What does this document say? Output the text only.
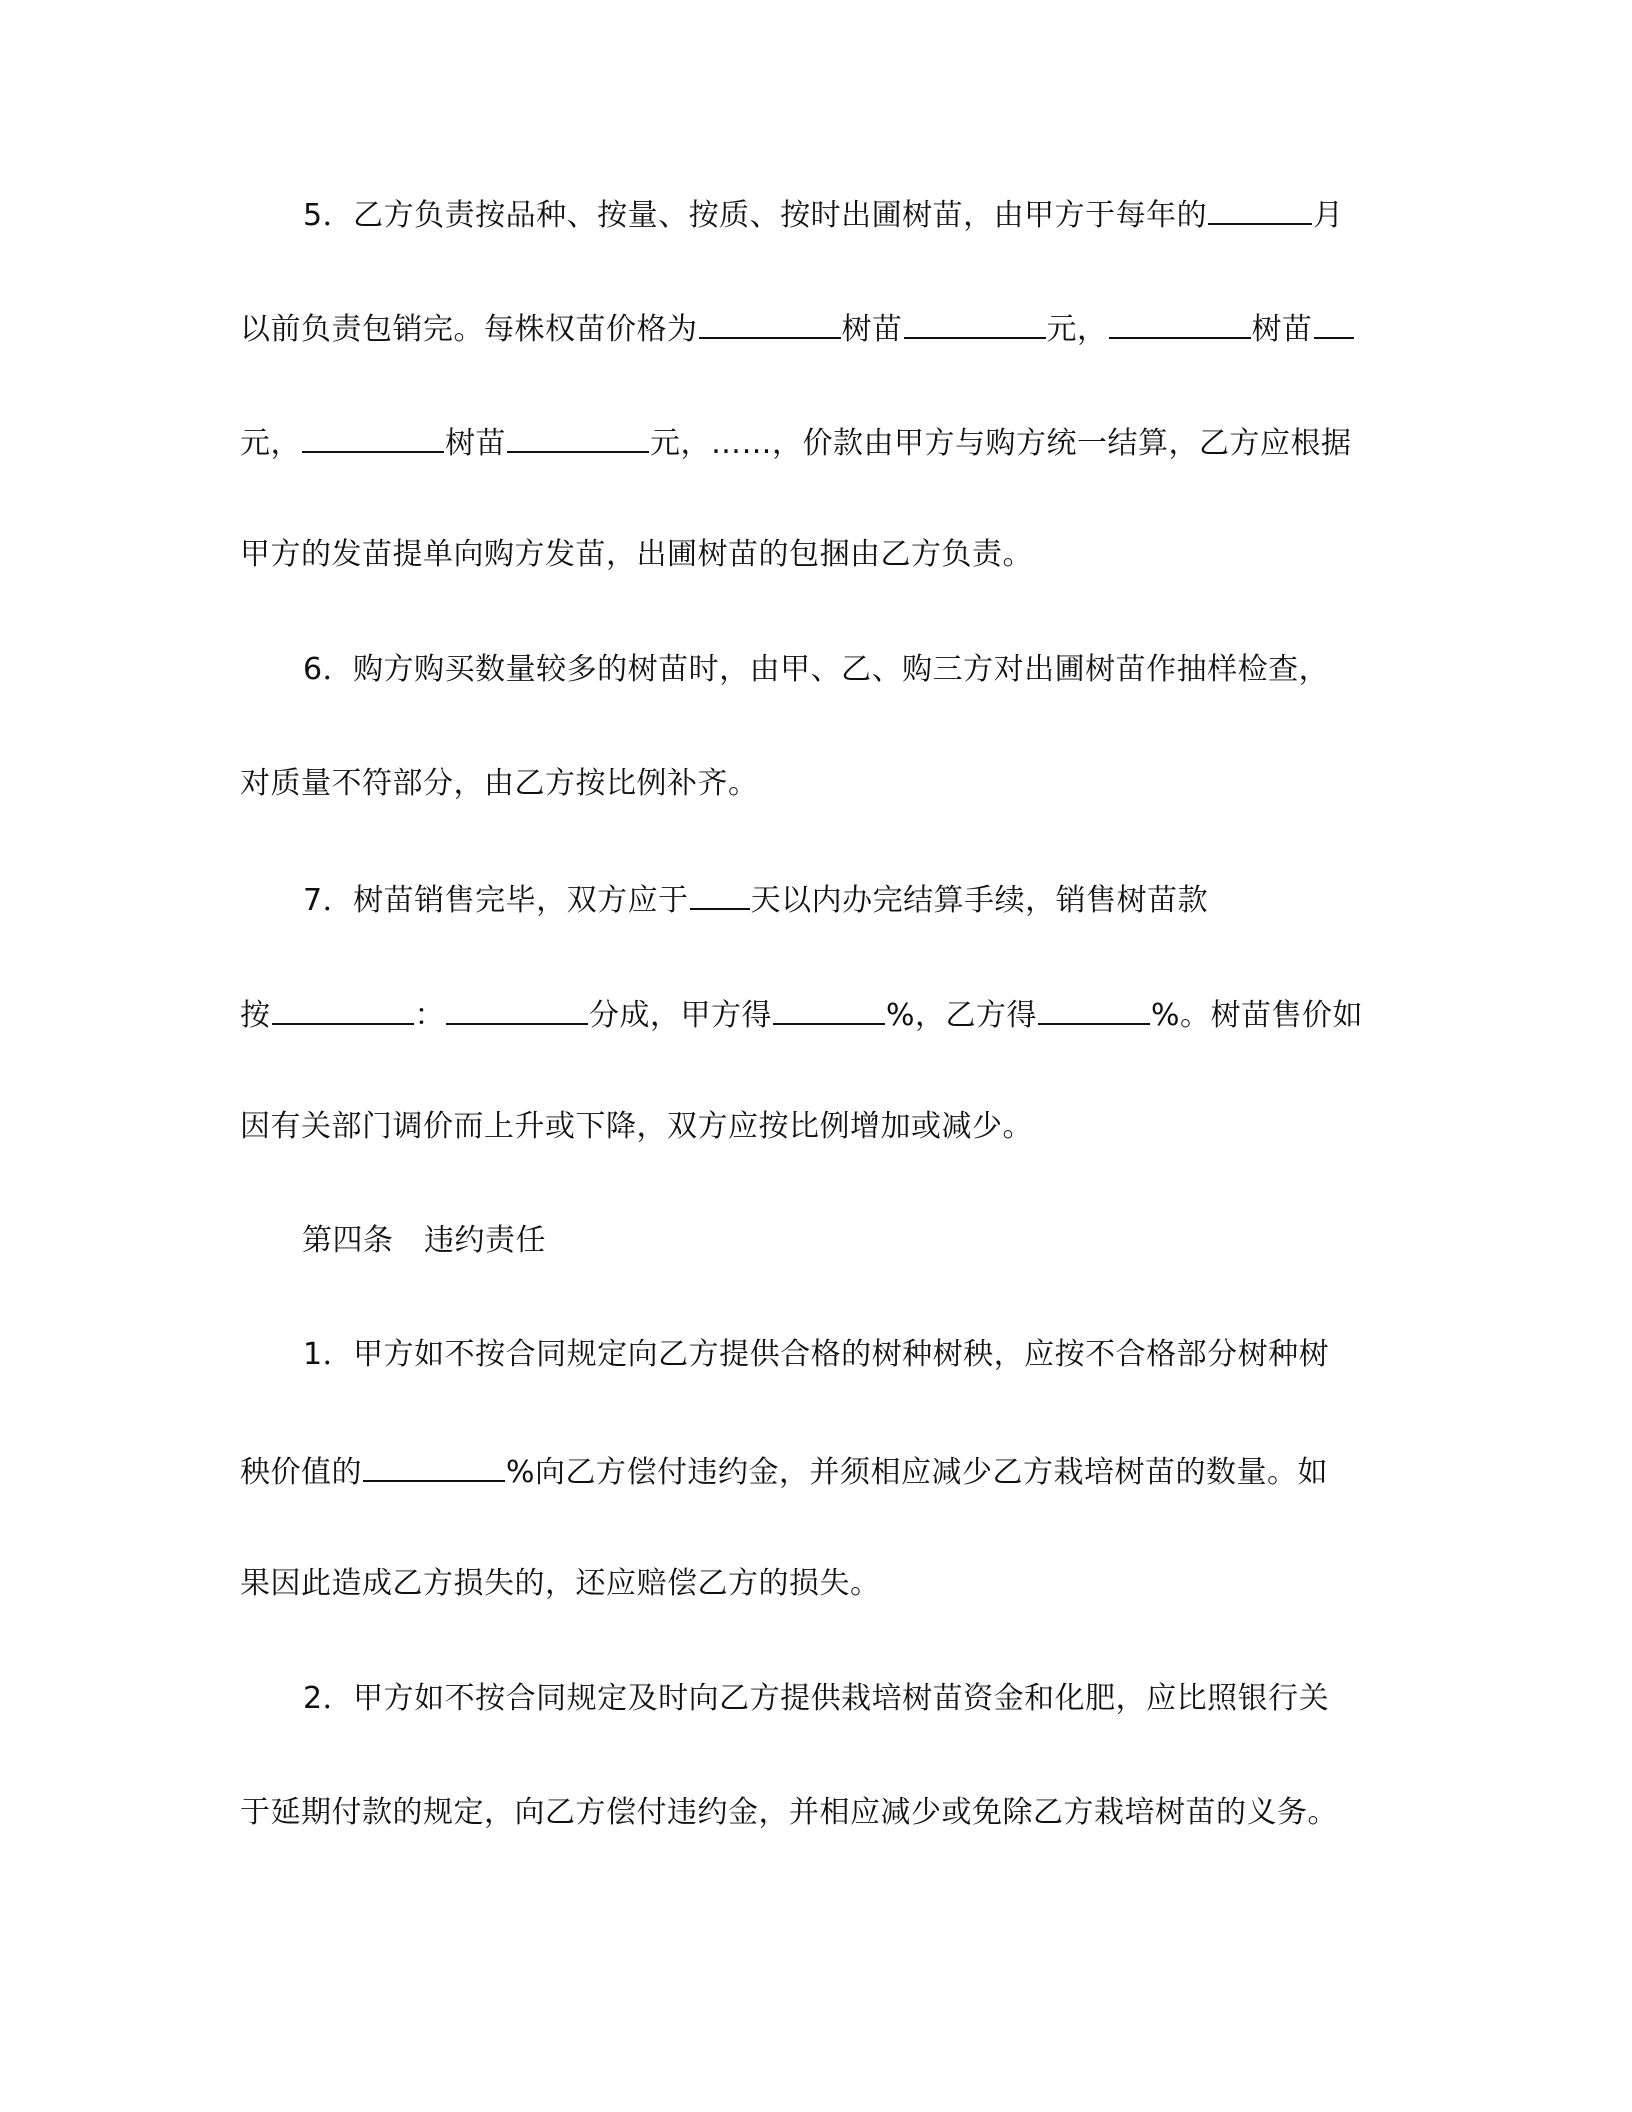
5．乙方负责按品种、按量、按质、按时出圃树苗，由甲方于每年的	月
以前负责包销完。每株权苗价格为	树苗	元，	树苗
元，	树苗	元，……，价款由甲方与购方统一结算，乙方应根据
甲方的发苗提单向购方发苗，出圃树苗的包捆由乙方负责。
6．购方购买数量较多的树苗时，由甲、乙、购三方对出圃树苗作抽样检查，
对质量不符部分，由乙方按比例补齐。
7．树苗销售完毕，双方应于 天以内办完结算手续，销售树苗款
按	：	分成，甲方得	%，乙方得	%。树苗售价如
因有关部门调价而上升或下降，双方应按比例增加或减少。
第四条　违约责任
1．甲方如不按合同规定向乙方提供合格的树种树秧，应按不合格部分树种树
秧价值的	%向乙方偿付违约金，并须相应减少乙方栽培树苗的数量。如
果因此造成乙方损失的，还应赔偿乙方的损失。
2．甲方如不按合同规定及时向乙方提供栽培树苗资金和化肥，应比照银行关
于延期付款的规定，向乙方偿付违约金，并相应减少或免除乙方栽培树苗的义务。
